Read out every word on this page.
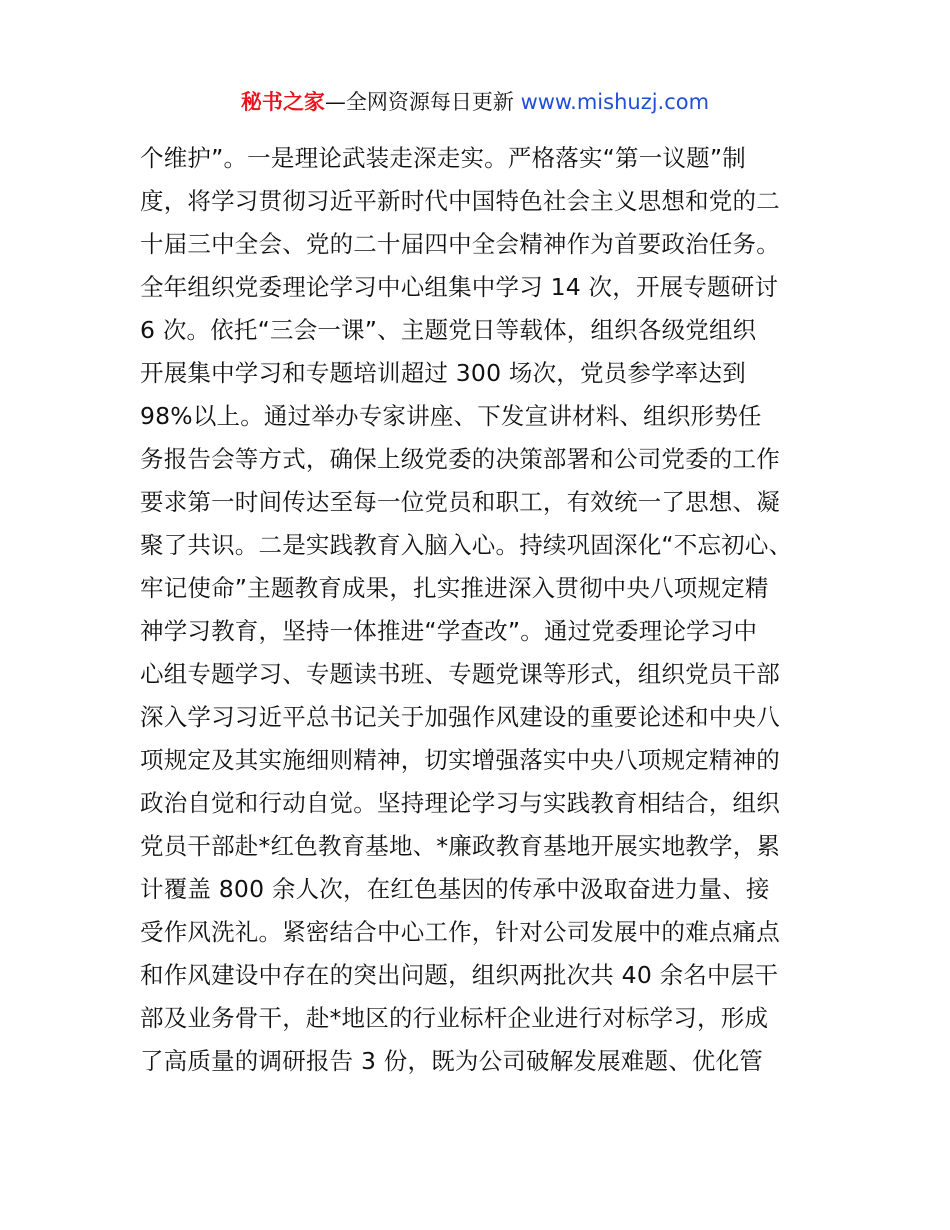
秘书之家—全网资源每日更新 www.mishuzj.com
个维护”。一是理论武装走深走实。严格落实“第一议题”制
度，将学习贯彻习近平新时代中国特色社会主义思想和党的二
十届三中全会、党的二十届四中全会精神作为首要政治任务。
全年组织党委理论学习中心组集中学习 14 次，开展专题研讨
6 次。依托“三会一课”、主题党日等载体，组织各级党组织
开展集中学习和专题培训超过 300 场次，党员参学率达到
98%以上。通过举办专家讲座、下发宣讲材料、组织形势任
务报告会等方式，确保上级党委的决策部署和公司党委的工作
要求第一时间传达至每一位党员和职工，有效统一了思想、凝
聚了共识。二是实践教育入脑入心。持续巩固深化“不忘初心、
牢记使命”主题教育成果，扎实推进深入贯彻中央八项规定精
神学习教育，坚持一体推进“学查改”。通过党委理论学习中
心组专题学习、专题读书班、专题党课等形式，组织党员干部
深入学习习近平总书记关于加强作风建设的重要论述和中央八
项规定及其实施细则精神，切实增强落实中央八项规定精神的
政治自觉和行动自觉。坚持理论学习与实践教育相结合，组织
党员干部赴*红色教育基地、*廉政教育基地开展实地教学，累
计覆盖 800 余人次，在红色基因的传承中汲取奋进力量、接
受作风洗礼。紧密结合中心工作，针对公司发展中的难点痛点
和作风建设中存在的突出问题，组织两批次共 40 余名中层干
部及业务骨干，赴*地区的行业标杆企业进行对标学习，形成
了高质量的调研报告 3 份，既为公司破解发展难题、优化管
